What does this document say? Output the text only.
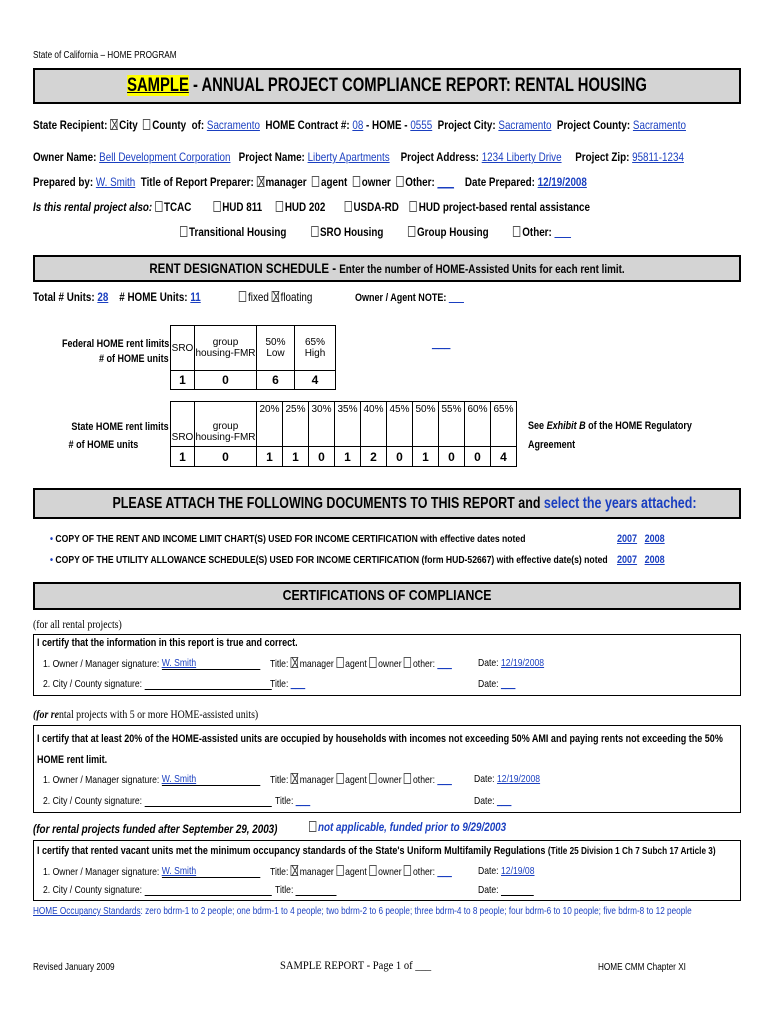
State of California – HOME PROGRAM
SAMPLE - ANNUAL PROJECT COMPLIANCE REPORT: RENTAL HOUSING
State Recipient: City County of: Sacramento HOME Contract #: 08 - HOME - 0555 Project City: Sacramento Project County: Sacramento
Owner Name: Bell Development Corporation Project Name: Liberty Apartments Project Address: 1234 Liberty Drive Project Zip: 95811-1234
Prepared by: W. Smith Title of Report Preparer: manager agent owner Other: ___ Date Prepared: 12/19/2008
Is this rental project also: TCAC	HUD 811 HUD 202 USDA-RD HUD project-based rental assistance
Transitional Housing	SRO Housing	Group Housing	Other: ___
RENT DESIGNATION SCHEDULE - Enter the number of HOME-Assisted Units for each rent limit.
Total # Units: 28 # HOME Units: 11	fixed floating	Owner / Agent NOTE: ___
___
Federal HOME rent limits
# of HOME units
SRO	group housing-FMR	50% Low	65% High
1	0	6	4
State HOME rent limits
# of HOME units
SRO	group housing-FMR	20%	25%	30%	35%	40%	45%	50%	55%	60%	65%
1	0	1	1	0	1	2	0	1	0	0	4
See Exhibit B of the HOME Regulatory
Agreement
PLEASE ATTACH THE FOLLOWING DOCUMENTS TO THIS REPORT and select the years attached:
• COPY OF THE RENT AND INCOME LIMIT CHART(S) USED FOR INCOME CERTIFICATION with effective dates noted
• COPY OF THE UTILITY ALLOWANCE SCHEDULE(S) USED FOR INCOME CERTIFICATION (form HUD-52667) with effective date(s) noted
2007 2008
2007 2008
CERTIFICATIONS OF COMPLIANCE
(for all rental projects)
I certify that the information in this report is true and correct.
1. Owner / Manager signature: W. Smith	Title: manager agent owner other: ___ Date: 12/19/2008
2. City / County signature:	Title: ___	Date: ___
(for rental projects with 5 or more HOME-assisted units)
I certify that at least 20% of the HOME-assisted units are occupied by households with incomes not exceeding 50% AMI and paying rents not exceeding the 50% HOME rent limit.
1. Owner / Manager signature: W. Smith	Title: manager agent owner other: ___ Date: 12/19/2008
2. City / County signature:	Title: ___	Date: ___
(for rental projects funded after September 29, 2003)	not applicable, funded prior to 9/29/2003
I certify that rented vacant units met the minimum occupancy standards of the State's Uniform Multifamily Regulations (Title 25 Division 1 Ch 7 Subch 17 Article 3)
1. Owner / Manager signature: W. Smith	Title: manager agent owner other: ___ Date: 12/19/08
2. City / County signature:	Title:	Date:
HOME Occupancy Standards: zero bdrm-1 to 2 people; one bdrm-1 to 4 people; two bdrm-2 to 6 people; three bdrm-4 to 8 people; four bdrm-6 to 10 people; five bdrm-8 to 12 people
Revised January 2009	SAMPLE REPORT - Page 1 of ___	HOME CMM Chapter XI
